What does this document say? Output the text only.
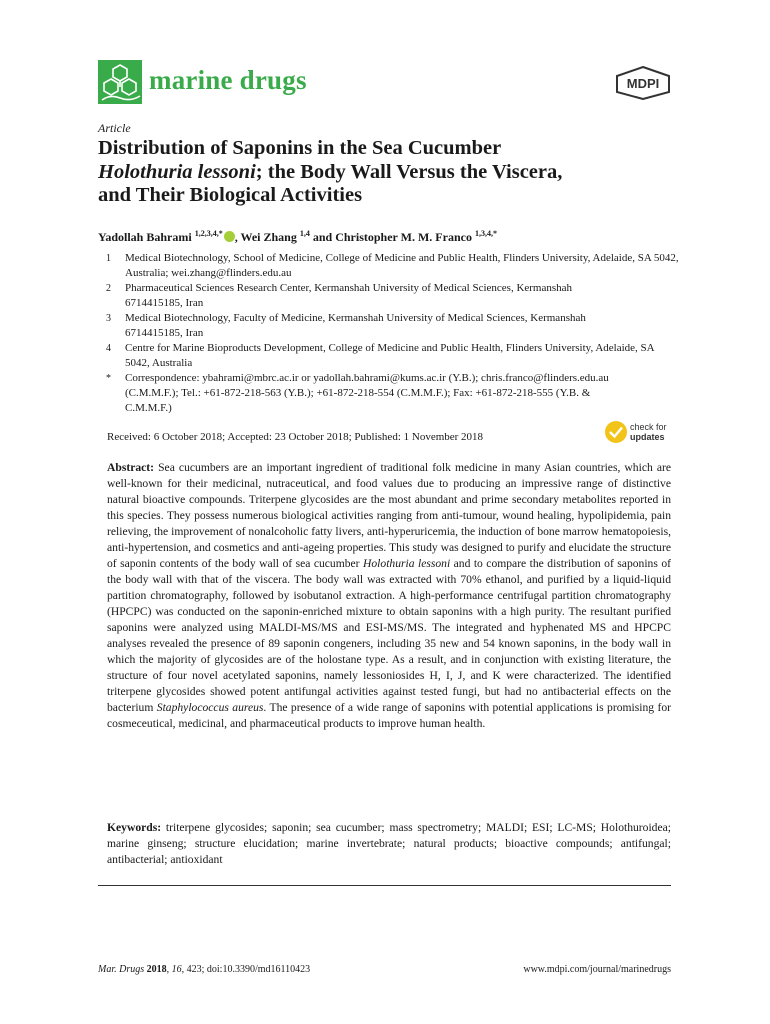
marine drugs	MDPI
Article
Distribution of Saponins in the Sea Cucumber
Holothuria lessoni; the Body Wall Versus the Viscera,
and Their Biological Activities
Yadollah Bahrami $^{1,2,3,4,*}$ , Wei Zhang $^{1,4}$ and Christopher M. M. Franco $^{1,3,4,*}$
1 Medical Biotechnology, School of Medicine, College of Medicine and Public Health, Flinders University, Adelaide, SA 5042, Australia; wei.zhang@flinders.edu.au
2 Pharmaceutical Sciences Research Center, Kermanshah University of Medical Sciences, Kermanshah 6714415185, Iran
3 Medical Biotechnology, Faculty of Medicine, Kermanshah University of Medical Sciences, Kermanshah 6714415185, Iran
4 Centre for Marine Bioproducts Development, College of Medicine and Public Health, Flinders University, Adelaide, SA 5042, Australia
* Correspondence: ybahrami@mbrc.ac.ir or yadollah.bahrami@kums.ac.ir (Y.B.); chris.franco@flinders.edu.au (C.M.M.F.); Tel.: +61-872-218-563 (Y.B.); +61-872-218-554 (C.M.M.F.); Fax: +61-872-218-555 (Y.B. & C.M.M.F.)
Received: 6 October 2018; Accepted: 23 October 2018; Published: 1 November 2018
check for
updates
Abstract: Sea cucumbers are an important ingredient of traditional folk medicine in many Asian countries, which are well-known for their medicinal, nutraceutical, and food values due to producing an impressive range of distinctive natural bioactive compounds. Triterpene glycosides are the most abundant and prime secondary metabolites reported in this species. They possess numerous biological activities ranging from anti-tumour, wound healing, hypolipidemia, pain relieving, the improvement of nonalcoholic fatty livers, anti-hyperuricemia, the induction of bone marrow hematopoiesis, anti-hypertension, and cosmetics and anti-ageing properties. This study was designed to purify and elucidate the structure of saponin contents of the body wall of sea cucumber Holothuria lessoni and to compare the distribution of saponins of the body wall with that of the viscera. The body wall was extracted with 70% ethanol, and purified by a liquid-liquid partition chromatography, followed by isobutanol extraction. A high-performance centrifugal partition chromatography (HPCPC) was conducted on the saponin-enriched mixture to obtain saponins with a high purity. The resultant purified saponins were analyzed using MALDI-MS/MS and ESI-MS/MS. The integrated and hyphenated MS and HPCPC analyses revealed the presence of 89 saponin congeners, including 35 new and 54 known saponins, in the body wall in which the majority of glycosides are of the holostane type. As a result, and in conjunction with existing literature, the structure of four novel acetylated saponins, namely lessoniosides H, I, J, and K were characterized. The identified triterpene glycosides showed potent antifungal activities against tested fungi, but had no antibacterial effects on the bacterium Staphylococcus aureus. The presence of a wide range of saponins with potential applications is promising for cosmeceutical, medicinal, and pharmaceutical products to improve human health.
Keywords: triterpene glycosides; saponin; sea cucumber; mass spectrometry; MALDI; ESI; LC-MS; Holothuroidea; marine ginseng; structure elucidation; marine invertebrate; natural products; bioactive compounds; antifungal; antibacterial; antioxidant
Mar. Drugs 2018, 16, 423; doi:10.3390/md16110423	www.mdpi.com/journal/marinedrugs
